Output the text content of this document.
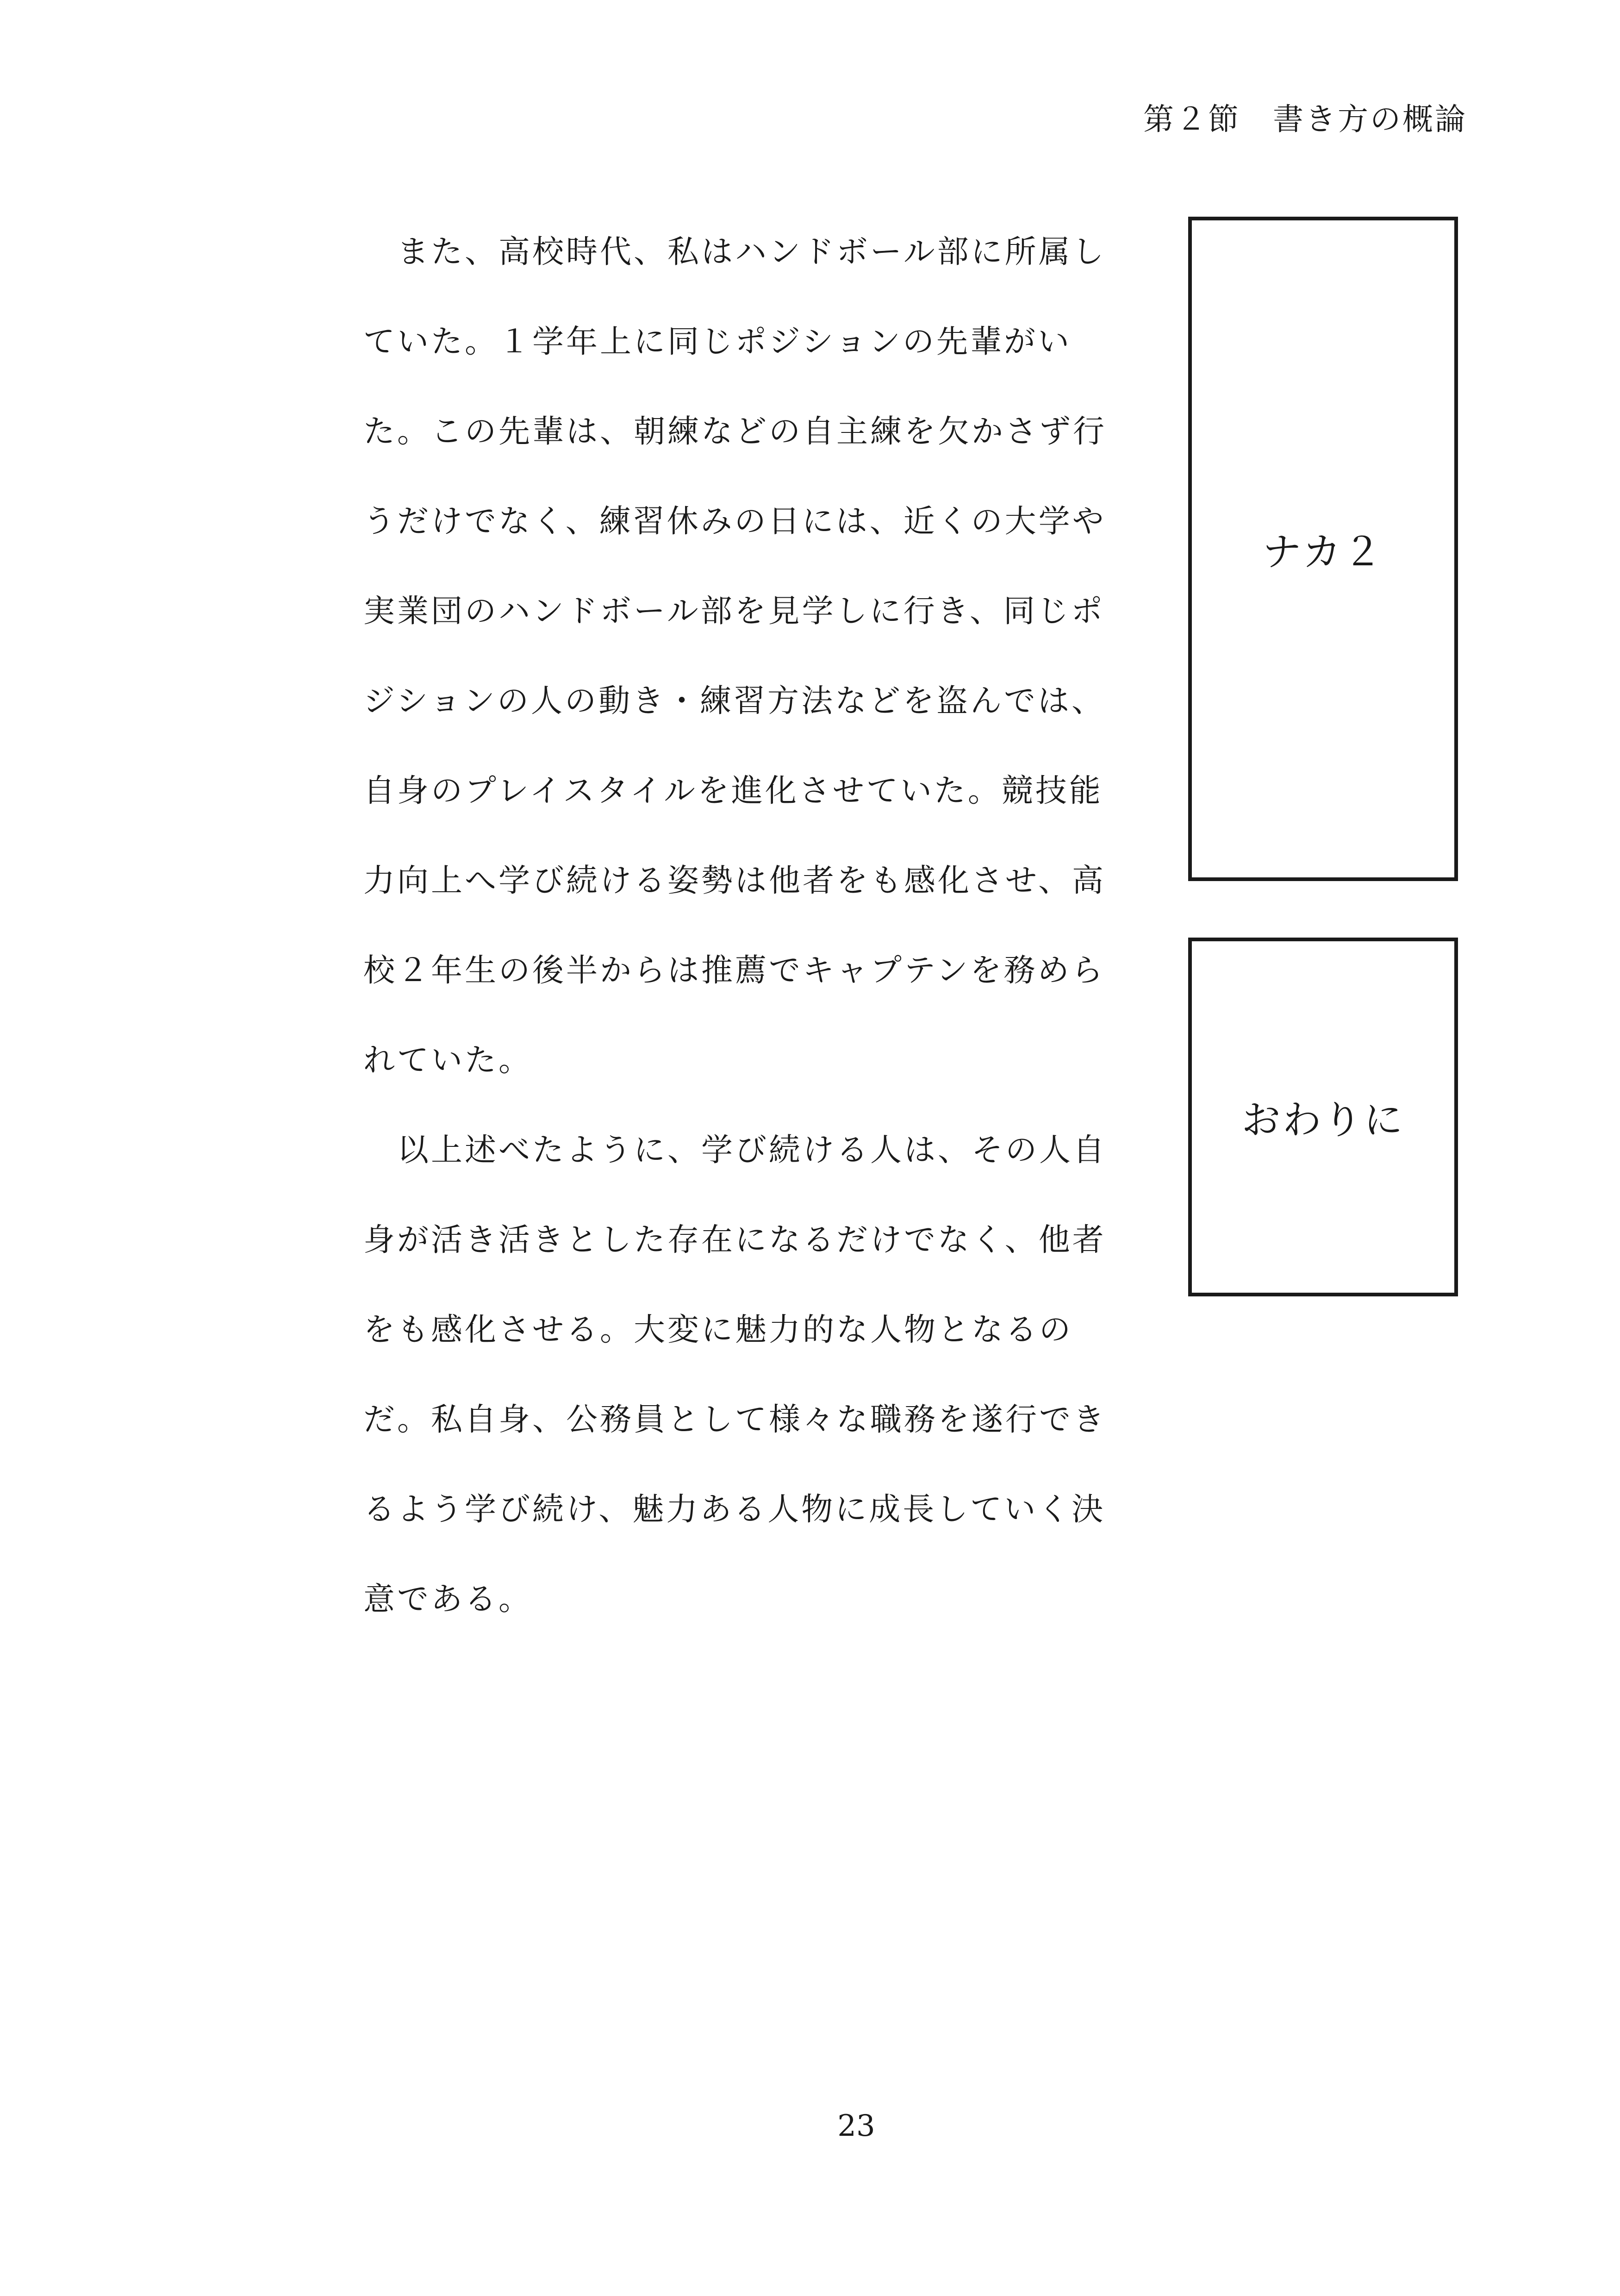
第２節　書き方の概論
　また、高校時代、私はハンドボール部に所属し
ていた。１学年上に同じポジションの先輩がい
た。この先輩は、朝練などの自主練を欠かさず行
うだけでなく、練習休みの日には、近くの大学や
実業団のハンドボール部を見学しに行き、同じポ
ジションの人の動き・練習方法などを盗んでは、
自身のプレイスタイルを進化させていた。競技能
力向上へ学び続ける姿勢は他者をも感化させ、高
校２年生の後半からは推薦でキャプテンを務めら
れていた。
　以上述べたように、学び続ける人は、その人自
身が活き活きとした存在になるだけでなく、他者
をも感化させる。大変に魅力的な人物となるの
だ。私自身、公務員として様々な職務を遂行でき
るよう学び続け、魅力ある人物に成長していく決
意である。
ナカ２
おわりに
23
